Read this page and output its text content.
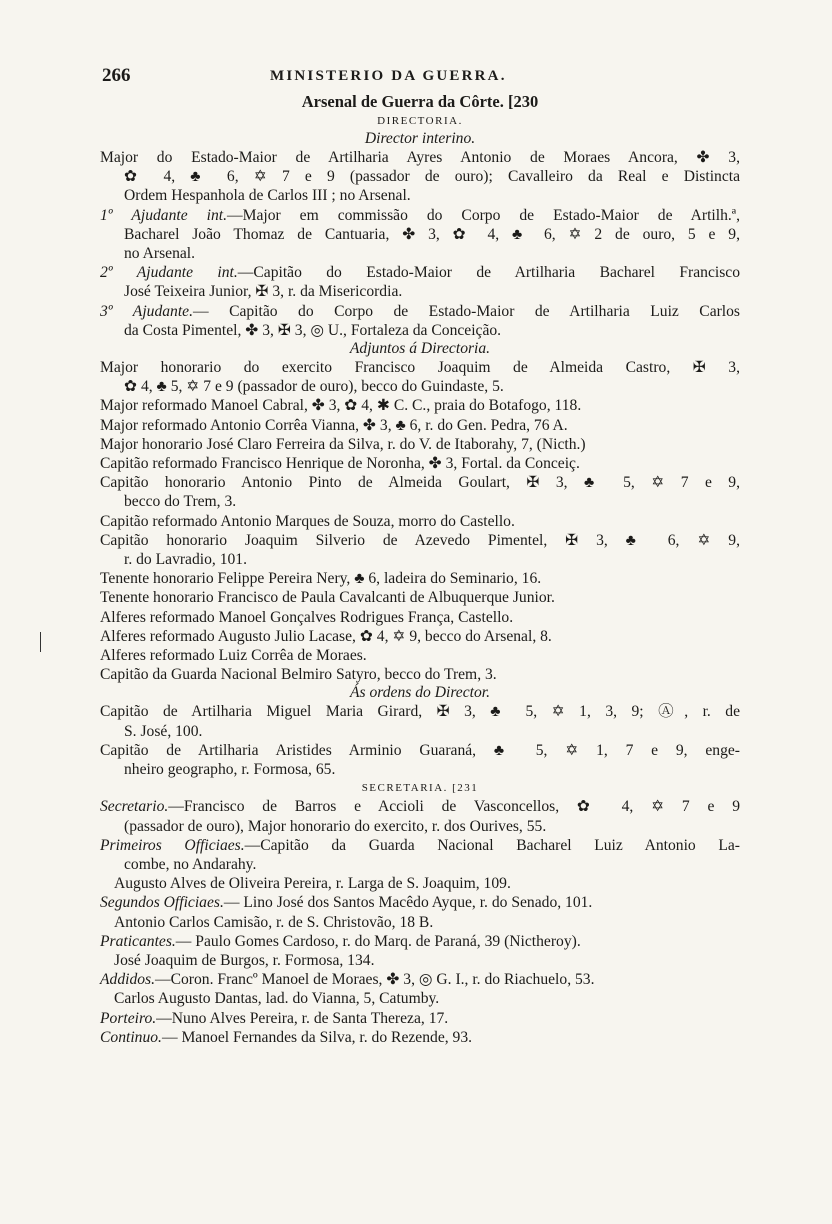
266	MINISTERIO DA GUERRA.
Arsenal de Guerra da Côrte. [230
DIRECTORIA.
Director interino.
Major do Estado-Maior de Artilharia Ayres Antonio de Moraes Ancora, ✤ 3,
✿ 4, ♣ 6, ✡ 7 e 9 (passador de ouro); Cavalleiro da Real e Distincta
Ordem Hespanhola de Carlos III ; no Arsenal.
1º Ajudante int.—Major em commissão do Corpo de Estado-Maior de Artilh.ª,
Bacharel João Thomaz de Cantuaria, ✤ 3, ✿ 4, ♣ 6, ✡ 2 de ouro, 5 e 9,
no Arsenal.
2º Ajudante int.—Capitão do Estado-Maior de Artilharia Bacharel Francisco
José Teixeira Junior, ✠ 3, r. da Misericordia.
3º Ajudante.— Capitão do Corpo de Estado-Maior de Artilharia Luiz Carlos
da Costa Pimentel, ✤ 3, ✠ 3, ◎ U., Fortaleza da Conceição.
Adjuntos á Directoria.
Major honorario do exercito Francisco Joaquim de Almeida Castro, ✠ 3,
✿ 4, ♣ 5, ✡ 7 e 9 (passador de ouro), becco do Guindaste, 5.
Major reformado Manoel Cabral, ✤ 3, ✿ 4, ✱ C. C., praia do Botafogo, 118.
Major reformado Antonio Corrêa Vianna, ✤ 3, ♣ 6, r. do Gen. Pedra, 76 A.
Major honorario José Claro Ferreira da Silva, r. do V. de Itaborahy, 7, (Nicth.)
Capitão reformado Francisco Henrique de Noronha, ✤ 3, Fortal. da Conceiç.
Capitão honorario Antonio Pinto de Almeida Goulart, ✠ 3, ♣ 5, ✡ 7 e 9,
becco do Trem, 3.
Capitão reformado Antonio Marques de Souza, morro do Castello.
Capitão honorario Joaquim Silverio de Azevedo Pimentel, ✠ 3, ♣ 6, ✡ 9,
r. do Lavradio, 101.
Tenente honorario Felippe Pereira Nery, ♣ 6, ladeira do Seminario, 16.
Tenente honorario Francisco de Paula Cavalcanti de Albuquerque Junior.
Alferes reformado Manoel Gonçalves Rodrigues França, Castello.
Alferes reformado Augusto Julio Lacase, ✿ 4, ✡ 9, becco do Arsenal, 8.
Alferes reformado Luiz Corrêa de Moraes.
Capitão da Guarda Nacional Belmiro Satyro, becco do Trem, 3.
Ás ordens do Director.
Capitão de Artilharia Miguel Maria Girard, ✠ 3, ♣ 5, ✡ 1, 3, 9; Ⓐ, r. de
S. José, 100.
Capitão de Artilharia Aristides Arminio Guaraná, ♣ 5, ✡ 1, 7 e 9, enge-
nheiro geographo, r. Formosa, 65.
SECRETARIA. [231
Secretario.—Francisco de Barros e Accioli de Vasconcellos, ✿ 4, ✡ 7 e 9
(passador de ouro), Major honorario do exercito, r. dos Ourives, 55.
Primeiros Officiaes.—Capitão da Guarda Nacional Bacharel Luiz Antonio La-
combe, no Andarahy.
Augusto Alves de Oliveira Pereira, r. Larga de S. Joaquim, 109.
Segundos Officiaes.— Lino José dos Santos Macêdo Ayque, r. do Senado, 101.
Antonio Carlos Camisão, r. de S. Christovão, 18 B.
Praticantes.— Paulo Gomes Cardoso, r. do Marq. de Paraná, 39 (Nictheroy).
José Joaquim de Burgos, r. Formosa, 134.
Addidos.—Coron. Francº Manoel de Moraes, ✤ 3, ◎ G. I., r. do Riachuelo, 53.
Carlos Augusto Dantas, lad. do Vianna, 5, Catumby.
Porteiro.—Nuno Alves Pereira, r. de Santa Thereza, 17.
Continuo.— Manoel Fernandes da Silva, r. do Rezende, 93.
